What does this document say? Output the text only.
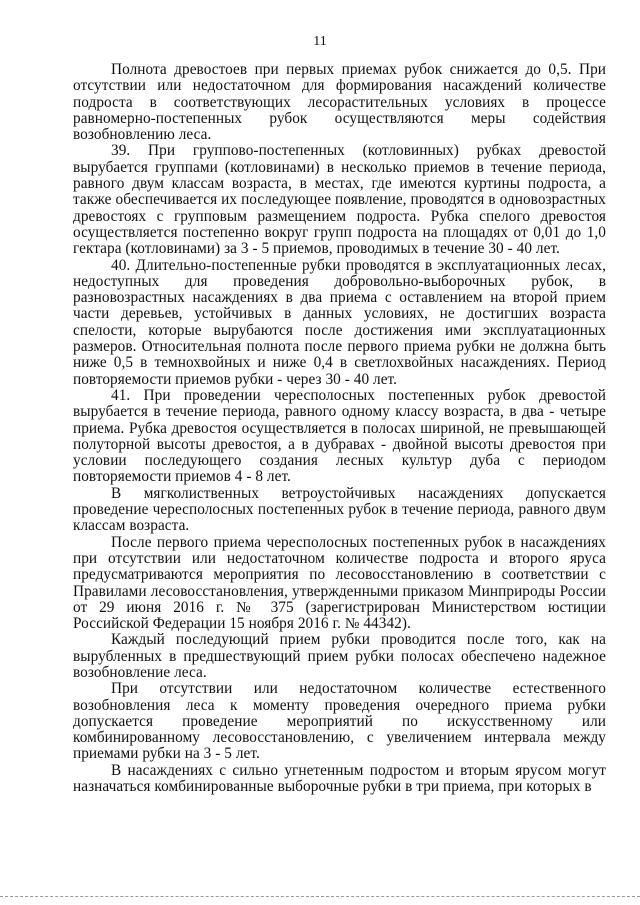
11

Полнота древостоев при первых приемах рубок снижается до 0,5. При отсутствии или недостаточном для формирования насаждений количестве подроста в соответствующих лесорастительных условиях в процессе равномерно-постепенных рубок осуществляются меры содействия возобновлению леса.

39. При группово-постепенных (котловинных) рубках древостой вырубается группами (котловинами) в несколько приемов в течение периода, равного двум классам возраста, в местах, где имеются куртины подроста, а также обеспечивается их последующее появление, проводятся в одновозрастных древостоях с групповым размещением подроста. Рубка спелого древостоя осуществляется постепенно вокруг групп подроста на площадях от 0,01 до 1,0 гектара (котловинами) за 3 - 5 приемов, проводимых в течение 30 - 40 лет.

40. Длительно-постепенные рубки проводятся в эксплуатационных лесах, недоступных для проведения добровольно-выборочных рубок, в разновозрастных насаждениях в два приема с оставлением на второй прием части деревьев, устойчивых в данных условиях, не достигших возраста спелости, которые вырубаются после достижения ими эксплуатационных размеров. Относительная полнота после первого приема рубки не должна быть ниже 0,5 в темнохвойных и ниже 0,4 в светлохвойных насаждениях. Период повторяемости приемов рубки - через 30 - 40 лет.

41. При проведении чересполосных постепенных рубок древостой вырубается в течение периода, равного одному классу возраста, в два - четыре приема. Рубка древостоя осуществляется в полосах шириной, не превышающей полуторной высоты древостоя, а в дубравах - двойной высоты древостоя при условии последующего создания лесных культур дуба с периодом повторяемости приемов 4 - 8 лет.

В мягколиственных ветроустойчивых насаждениях допускается проведение чересполосных постепенных рубок в течение периода, равного двум классам возраста.

После первого приема чересполосных постепенных рубок в насаждениях при отсутствии или недостаточном количестве подроста и второго яруса предусматриваются мероприятия по лесовосстановлению в соответствии с Правилами лесовосстановления, утвержденными приказом Минприроды России от 29 июня 2016 г. № 375 (зарегистрирован Министерством юстиции Российской Федерации 15 ноября 2016 г. № 44342).

Каждый последующий прием рубки проводится после того, как на вырубленных в предшествующий прием рубки полосах обеспечено надежное возобновление леса.

При отсутствии или недостаточном количестве естественного возобновления леса к моменту проведения очередного приема рубки допускается проведение мероприятий по искусственному или комбинированному лесовосстановлению, с увеличением интервала между приемами рубки на 3 - 5 лет.

В насаждениях с сильно угнетенным подростом и вторым ярусом могут назначаться комбинированные выборочные рубки в три приема, при которых в
